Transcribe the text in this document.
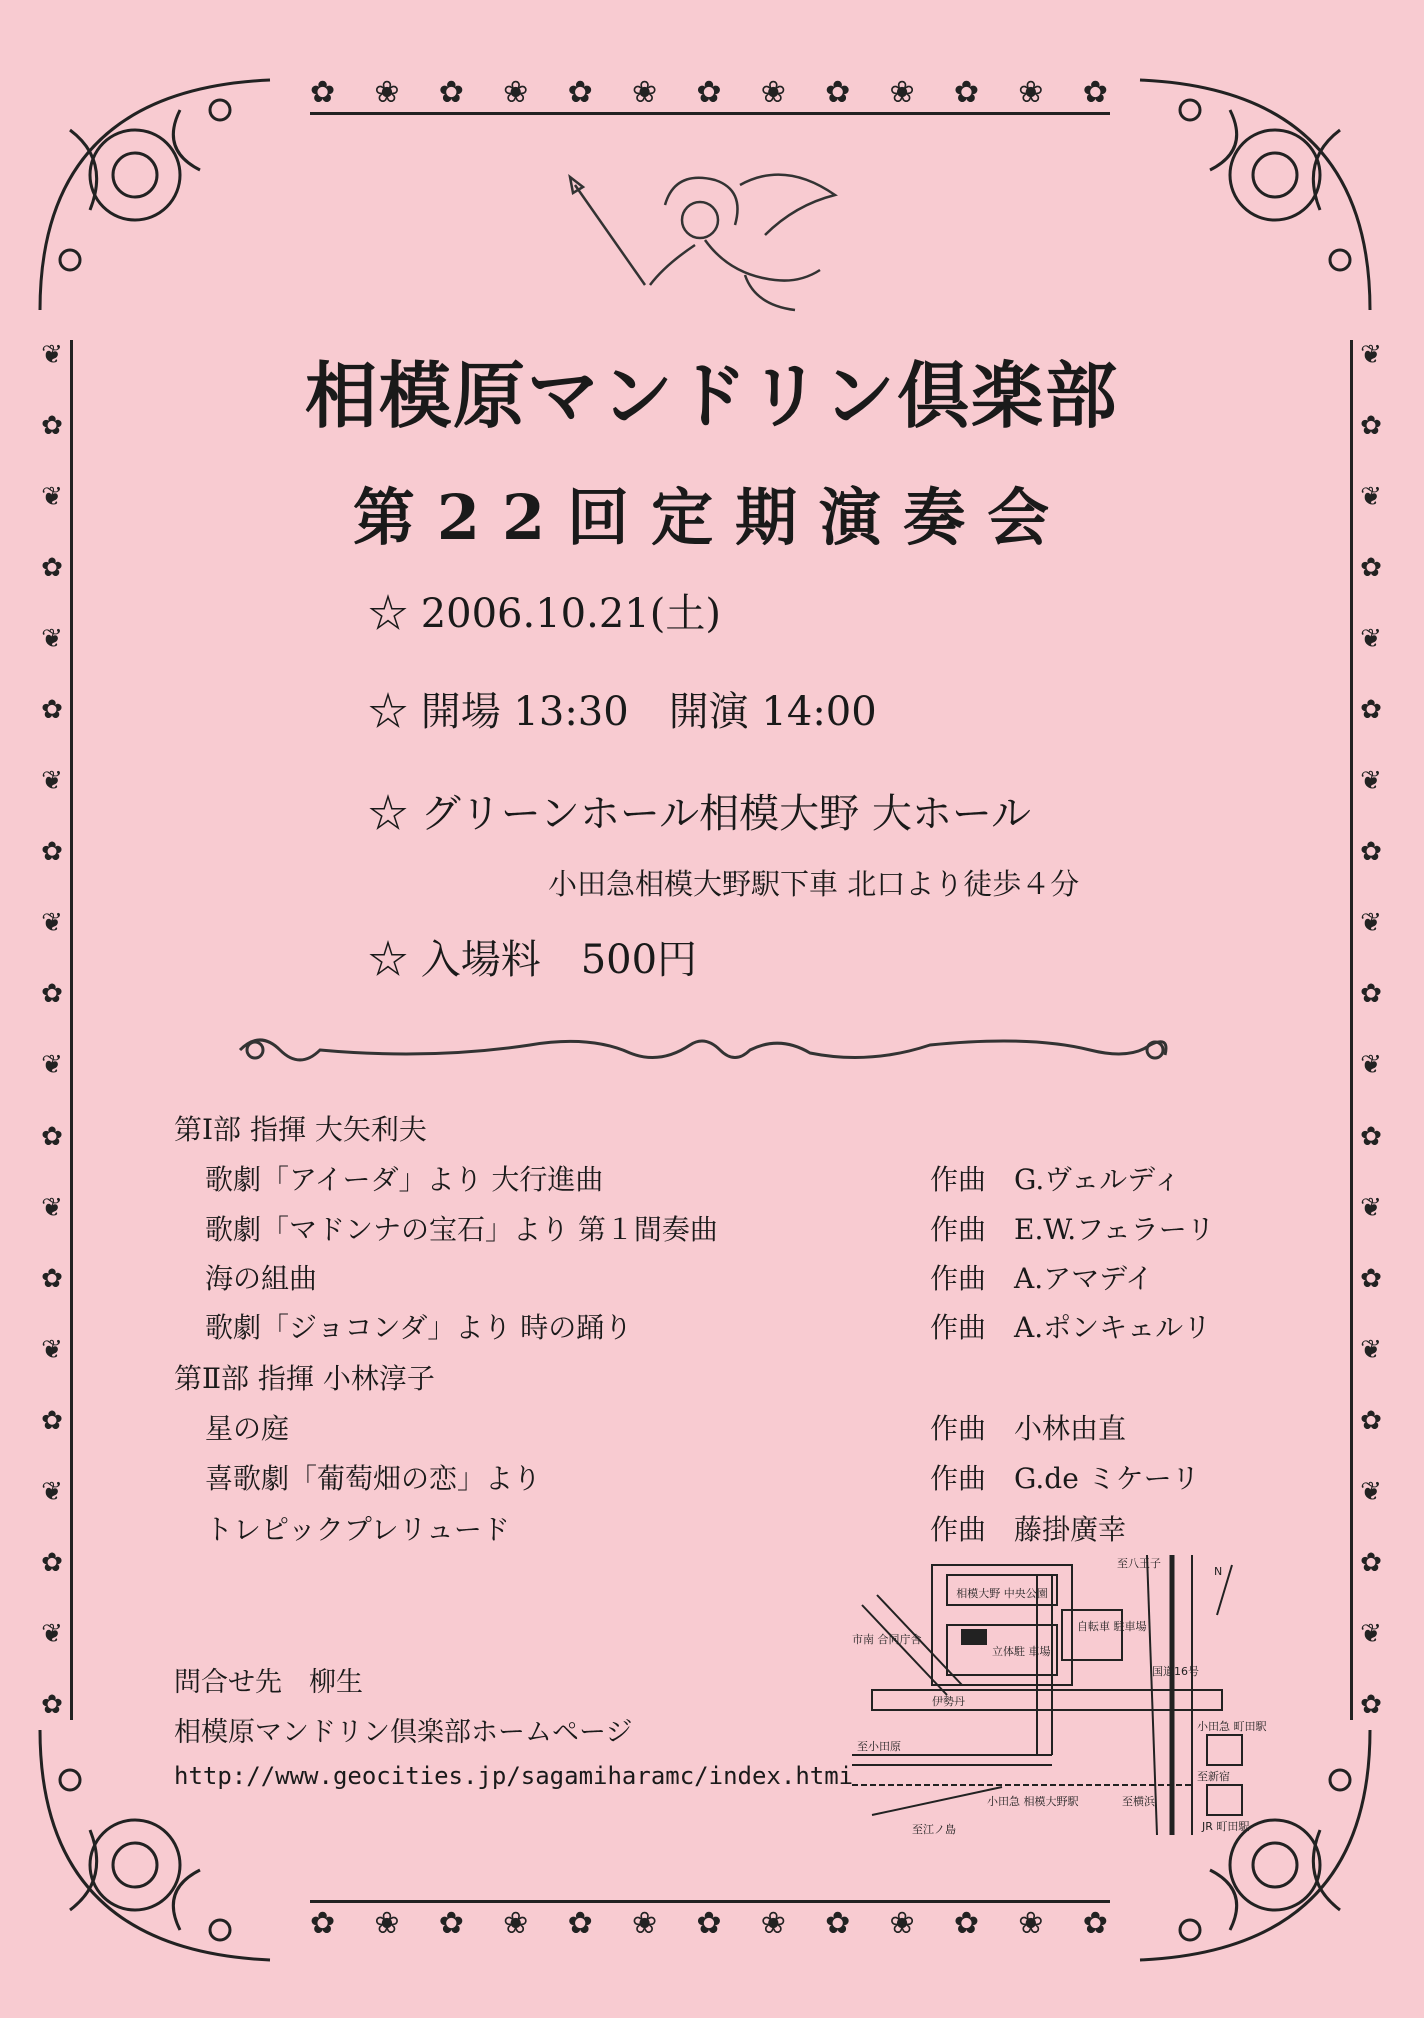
✿ ❀ ✿ ❀ ✿ ❀ ✿ ❀ ✿ ❀ ✿ ❀ ✿
✿ ❀ ✿ ❀ ✿ ❀ ✿ ❀ ✿ ❀ ✿ ❀ ✿
❦
✿
❦
✿
❦
✿
❦
✿
❦
✿
❦
✿
❦
✿
❦
✿
❦
✿
❦
✿
❦
✿
❦
✿
❦
✿
❦
✿
❦
✿
❦
✿
❦
✿
❦
✿
❦
✿
❦
✿
相模原マンドリン倶楽部
第22回定期演奏会
☆ 2006.10.21(土)
☆ 開場 13:30　開演 14:00
☆ グリーンホール相模大野 大ホール
小田急相模大野駅下車 北口より徒歩４分
☆ 入場料　500円
第Ⅰ部 指揮 大矢利夫
歌劇「アイーダ」より 大行進曲	作曲 G.ヴェルディ
歌劇「マドンナの宝石」より 第１間奏曲	作曲 E.W.フェラーリ
海の組曲	作曲 A.アマデイ
歌劇「ジョコンダ」より 時の踊り	作曲 A.ポンキェルリ
第Ⅱ部 指揮 小林淳子
星の庭	作曲 小林由直
喜歌劇「葡萄畑の恋」より	作曲 G.de ミケーリ
トレピックプレリュード	作曲 藤掛廣幸
問合せ先　柳生
相模原マンドリン倶楽部ホームページ
http://www.geocities.jp/sagamiharamc/index.htmi
相模大野 中央公園
市南 合同庁舎
自転車 駐車場
立体駐 車場
伊勢丹
至八王子
国道16号
至小田原
小田急 相模大野駅
至江ノ島
至横浜
小田急 町田駅
至新宿
JR 町田駅
N
